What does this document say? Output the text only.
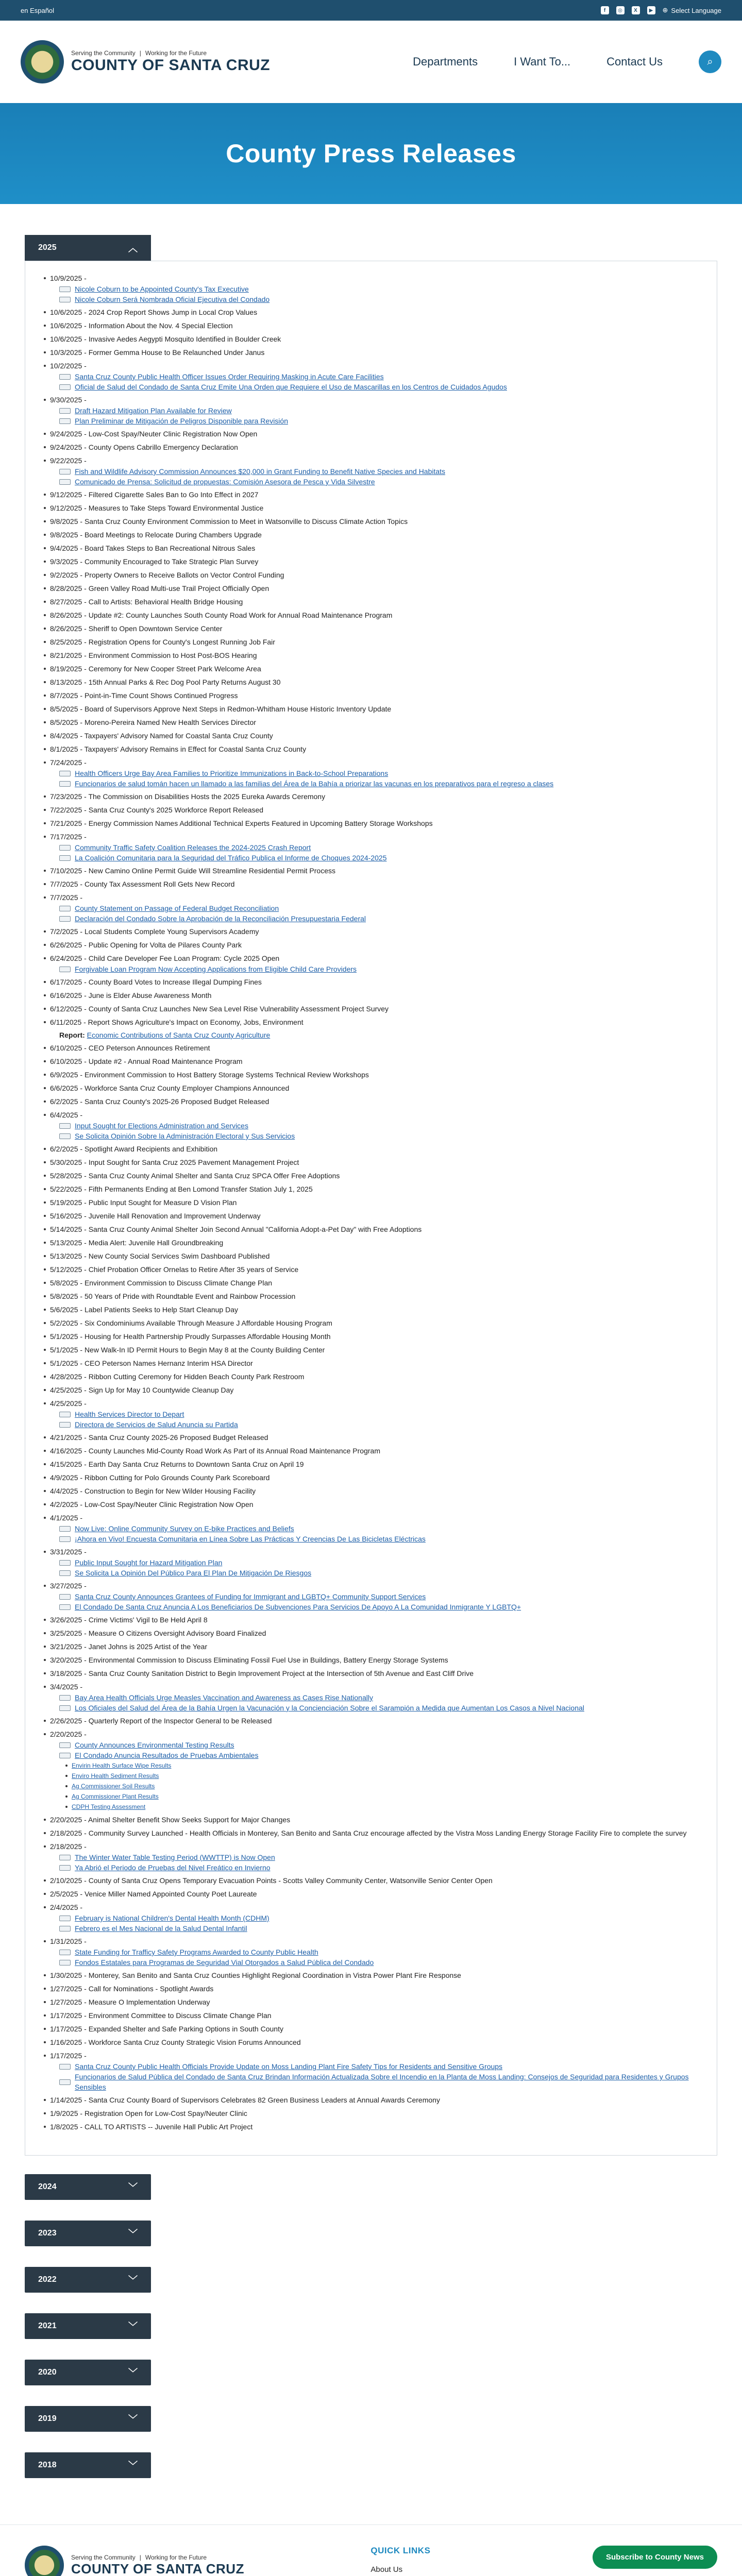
en Español	f	◎	X	▶	⊕ Select Language
Serving the Community | Working for the Future
COUNTY OF SANTA CRUZ	Departments	I Want To...	Contact Us	⌕
County Press Releases
2025	︿
10/9/2025 -
Nicole Coburn to be Appointed County's Tax Executive
Nicole Coburn Será Nombrada Oficial Ejecutiva del Condado
10/6/2025 - 2024 Crop Report Shows Jump in Local Crop Values
10/6/2025 - Information About the Nov. 4 Special Election
10/6/2025 - Invasive Aedes Aegypti Mosquito Identified in Boulder Creek
10/3/2025 - Former Gemma House to Be Relaunched Under Janus
10/2/2025 -
Santa Cruz County Public Health Officer Issues Order Requiring Masking in Acute Care Facilities
Oficial de Salud del Condado de Santa Cruz Emite Una Orden que Requiere el Uso de Mascarillas en los Centros de Cuidados Agudos
9/30/2025 -
Draft Hazard Mitigation Plan Available for Review
Plan Preliminar de Mitigación de Peligros Disponible para Revisión
9/24/2025 - Low-Cost Spay/Neuter Clinic Registration Now Open
9/24/2025 - County Opens Cabrillo Emergency Declaration
9/22/2025 -
Fish and Wildlife Advisory Commission Announces $20,000 in Grant Funding to Benefit Native Species and Habitats
Comunicado de Prensa: Solicitud de propuestas: Comisión Asesora de Pesca y Vida Silvestre
9/12/2025 - Filtered Cigarette Sales Ban to Go Into Effect in 2027
9/12/2025 - Measures to Take Steps Toward Environmental Justice
9/8/2025 - Santa Cruz County Environment Commission to Meet in Watsonville to Discuss Climate Action Topics
9/8/2025 - Board Meetings to Relocate During Chambers Upgrade
9/4/2025 - Board Takes Steps to Ban Recreational Nitrous Sales
9/3/2025 - Community Encouraged to Take Strategic Plan Survey
9/2/2025 - Property Owners to Receive Ballots on Vector Control Funding
8/28/2025 - Green Valley Road Multi-use Trail Project Officially Open
8/27/2025 - Call to Artists: Behavioral Health Bridge Housing
8/26/2025 - Update #2: County Launches South County Road Work for Annual Road Maintenance Program
8/26/2025 - Sheriff to Open Downtown Service Center
8/25/2025 - Registration Opens for County's Longest Running Job Fair
8/21/2025 - Environment Commission to Host Post-BOS Hearing
8/19/2025 - Ceremony for New Cooper Street Park Welcome Area
8/13/2025 - 15th Annual Parks & Rec Dog Pool Party Returns August 30
8/7/2025 - Point-in-Time Count Shows Continued Progress
8/5/2025 - Board of Supervisors Approve Next Steps in Redmon-Whitham House Historic Inventory Update
8/5/2025 - Moreno-Pereira Named New Health Services Director
8/4/2025 - Taxpayers' Advisory Named for Coastal Santa Cruz County
8/1/2025 - Taxpayers' Advisory Remains in Effect for Coastal Santa Cruz County
7/24/2025 -
Health Officers Urge Bay Area Families to Prioritize Immunizations in Back-to-School Preparations
Funcionarios de salud tomán hacen un llamado a las familias del Área de la Bahía a priorizar las vacunas en los preparativos para el regreso a clases
7/23/2025 - The Commission on Disabilities Hosts the 2025 Eureka Awards Ceremony
7/22/2025 - Santa Cruz County's 2025 Workforce Report Released
7/21/2025 - Energy Commission Names Additional Technical Experts Featured in Upcoming Battery Storage Workshops
7/17/2025 -
Community Traffic Safety Coalition Releases the 2024-2025 Crash Report
La Coalición Comunitaria para la Seguridad del Tráfico Publica el Informe de Choques 2024-2025
7/10/2025 - New Camino Online Permit Guide Will Streamline Residential Permit Process
7/7/2025 - County Tax Assessment Roll Gets New Record
7/7/2025 -
County Statement on Passage of Federal Budget Reconciliation
Declaración del Condado Sobre la Aprobación de la Reconciliación Presupuestaria Federal
7/2/2025 - Local Students Complete Young Supervisors Academy
6/26/2025 - Public Opening for Volta de Pilares County Park
6/24/2025 - Child Care Developer Fee Loan Program: Cycle 2025 Open
Forgivable Loan Program Now Accepting Applications from Eligible Child Care Providers
6/17/2025 - County Board Votes to Increase Illegal Dumping Fines
6/16/2025 - June is Elder Abuse Awareness Month
6/12/2025 - County of Santa Cruz Launches New Sea Level Rise Vulnerability Assessment Project Survey
6/11/2025 - Report Shows Agriculture's Impact on Economy, Jobs, Environment
Report: Economic Contributions of Santa Cruz County Agriculture
6/10/2025 - CEO Peterson Announces Retirement
6/10/2025 - Update #2 - Annual Road Maintenance Program
6/9/2025 - Environment Commission to Host Battery Storage Systems Technical Review Workshops
6/6/2025 - Workforce Santa Cruz County Employer Champions Announced
6/2/2025 - Santa Cruz County's 2025-26 Proposed Budget Released
6/4/2025 -
Input Sought for Elections Administration and Services
Se Solicita Opinión Sobre la Administración Electoral y Sus Servicios
6/2/2025 - Spotlight Award Recipients and Exhibition
5/30/2025 - Input Sought for Santa Cruz 2025 Pavement Management Project
5/28/2025 - Santa Cruz County Animal Shelter and Santa Cruz SPCA Offer Free Adoptions
5/22/2025 - Fifth Permanents Ending at Ben Lomond Transfer Station July 1, 2025
5/19/2025 - Public Input Sought for Measure D Vision Plan
5/16/2025 - Juvenile Hall Renovation and Improvement Underway
5/14/2025 - Santa Cruz County Animal Shelter Join Second Annual "California Adopt-a-Pet Day" with Free Adoptions
5/13/2025 - Media Alert: Juvenile Hall Groundbreaking
5/13/2025 - New County Social Services Swim Dashboard Published
5/12/2025 - Chief Probation Officer Ornelas to Retire After 35 years of Service
5/8/2025 - Environment Commission to Discuss Climate Change Plan
5/8/2025 - 50 Years of Pride with Roundtable Event and Rainbow Procession
5/6/2025 - Label Patients Seeks to Help Start Cleanup Day
5/2/2025 - Six Condominiums Available Through Measure J Affordable Housing Program
5/1/2025 - Housing for Health Partnership Proudly Surpasses Affordable Housing Month
5/1/2025 - New Walk-In ID Permit Hours to Begin May 8 at the County Building Center
5/1/2025 - CEO Peterson Names Hernanz Interim HSA Director
4/28/2025 - Ribbon Cutting Ceremony for Hidden Beach County Park Restroom
4/25/2025 - Sign Up for May 10 Countywide Cleanup Day
4/25/2025 -
Health Services Director to Depart
Directora de Servicios de Salud Anuncia su Partida
4/21/2025 - Santa Cruz County 2025-26 Proposed Budget Released
4/16/2025 - County Launches Mid-County Road Work As Part of its Annual Road Maintenance Program
4/15/2025 - Earth Day Santa Cruz Returns to Downtown Santa Cruz on April 19
4/9/2025 - Ribbon Cutting for Polo Grounds County Park Scoreboard
4/4/2025 - Construction to Begin for New Wilder Housing Facility
4/2/2025 - Low-Cost Spay/Neuter Clinic Registration Now Open
4/1/2025 -
Now Live: Online Community Survey on E-bike Practices and Beliefs
¡Ahora en Vivo! Encuesta Comunitaria en Línea Sobre Las Prácticas Y Creencias De Las Bicicletas Eléctricas
3/31/2025 -
Public Input Sought for Hazard Mitigation Plan
Se Solicita La Opinión Del Público Para El Plan De Mitigación De Riesgos
3/27/2025 -
Santa Cruz County Announces Grantees of Funding for Immigrant and LGBTQ+ Community Support Services
El Condado De Santa Cruz Anuncia A Los Beneficiarios De Subvenciones Para Servicios De Apoyo A La Comunidad Inmigrante Y LGBTQ+
3/26/2025 - Crime Victims' Vigil to Be Held April 8
3/25/2025 - Measure O Citizens Oversight Advisory Board Finalized
3/21/2025 - Janet Johns is 2025 Artist of the Year
3/20/2025 - Environmental Commission to Discuss Eliminating Fossil Fuel Use in Buildings, Battery Energy Storage Systems
3/18/2025 - Santa Cruz County Sanitation District to Begin Improvement Project at the Intersection of 5th Avenue and East Cliff Drive
3/4/2025 -
Bay Area Health Officials Urge Measles Vaccination and Awareness as Cases Rise Nationally
Los Oficiales del Salud del Área de la Bahía Urgen la Vacunación y la Concienciación Sobre el Sarampión a Medida que Aumentan Los Casos a Nivel Nacional
2/26/2025 - Quarterly Report of the Inspector General to be Released
2/20/2025 -
County Announces Environmental Testing Results
El Condado Anuncia Resultados de Pruebas Ambientales
Envirin Health Surface Wipe Results
Enviro Health Sediment Results
Ag Commissioner Soil Results
Ag Commissioner Plant Results
CDPH Testing Assessment
2/20/2025 - Animal Shelter Benefit Show Seeks Support for Major Changes
2/18/2025 - Community Survey Launched - Health Officials in Monterey, San Benito and Santa Cruz encourage affected by the Vistra Moss Landing Energy Storage Facility Fire to complete the survey
2/18/2025 -
The Winter Water Table Testing Period (WWTTP) is Now Open
Ya Abrió el Periodo de Pruebas del Nivel Freático en Invierno
2/10/2025 - County of Santa Cruz Opens Temporary Evacuation Points - Scotts Valley Community Center, Watsonville Senior Center Open
2/5/2025 - Venice Miller Named Appointed County Poet Laureate
2/4/2025 -
February is National Children's Dental Health Month (CDHM)
Febrero es el Mes Nacional de la Salud Dental Infantil
1/31/2025 -
State Funding for Trafficy Safety Programs Awarded to County Public Health
Fondos Estatales para Programas de Seguridad Vial Otorgados a Salud Pública del Condado
1/30/2025 - Monterey, San Benito and Santa Cruz Counties Highlight Regional Coordination in Vistra Power Plant Fire Response
1/27/2025 - Call for Nominations - Spotlight Awards
1/27/2025 - Measure O Implementation Underway
1/17/2025 - Environment Committee to Discuss Climate Change Plan
1/17/2025 - Expanded Shelter and Safe Parking Options in South County
1/16/2025 - Workforce Santa Cruz County Strategic Vision Forums Announced
1/17/2025 -
Santa Cruz County Public Health Officials Provide Update on Moss Landing Plant Fire Safety Tips for Residents and Sensitive Groups
Funcionarios de Salud Pública del Condado de Santa Cruz Brindan Información Actualizada Sobre el Incendio en la Planta de Moss Landing: Consejos de Seguridad para Residentes y Grupos Sensibles
1/14/2025 - Santa Cruz County Board of Supervisors Celebrates 82 Green Business Leaders at Annual Awards Ceremony
1/9/2025 - Registration Open for Low-Cost Spay/Neuter Clinic
1/8/2025 - CALL TO ARTISTS -- Juvenile Hall Public Art Project
2024	﹀
2023	﹀
2022	﹀
2021	﹀
2020	﹀
2019	﹀
2018	﹀
Serving the Community | Working for the Future
COUNTY OF SANTA CRUZ
QUICK LINKS
About Us
Subscribe to County News
